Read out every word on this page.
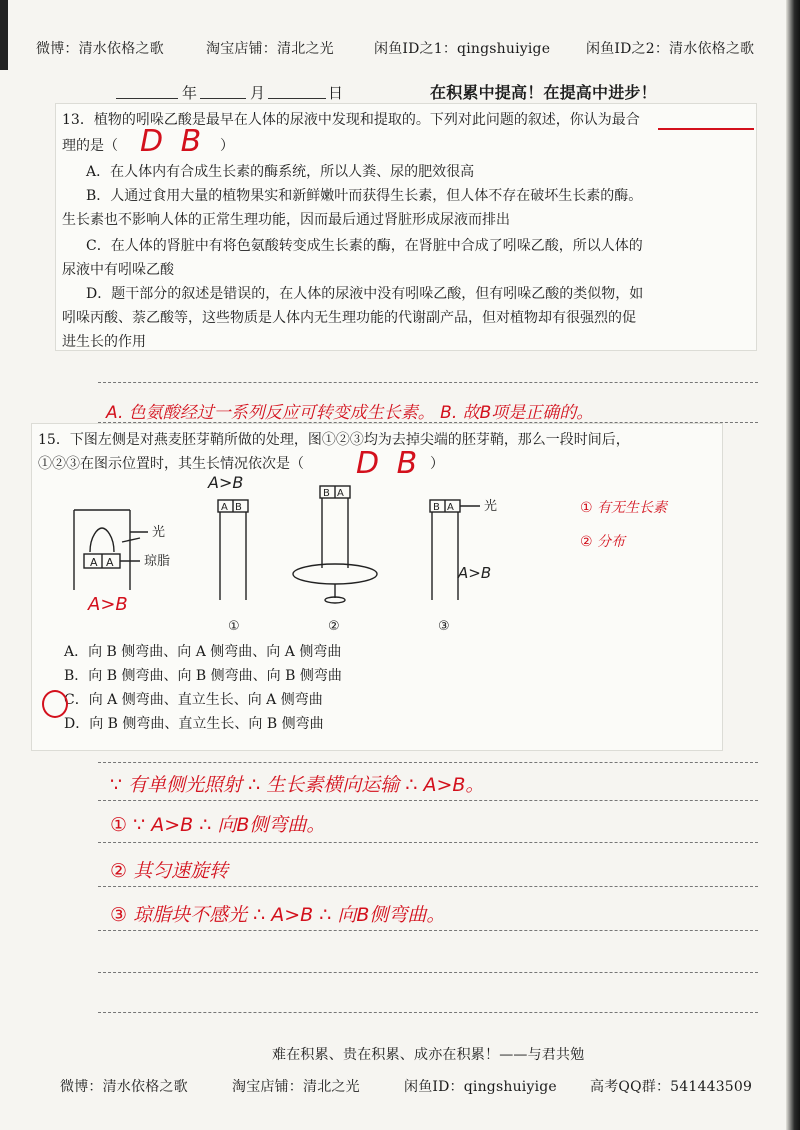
微博：清水依格之歌	淘宝店铺：清北之光	闲鱼ID之1：qingshuiyige	闲鱼ID之2：清水依格之歌
年	月	日	在积累中提高！在提高中进步！
13．植物的吲哚乙酸是最早在人体的尿液中发现和提取的。下列对此问题的叙述，你认为最合
理的是（ D B ）
A．在人体内有合成生长素的酶系统，所以人粪、尿的肥效很高
B．人通过食用大量的植物果实和新鲜嫩叶而获得生长素，但人体不存在破坏生长素的酶。
生长素也不影响人体的正常生理功能，因而最后通过肾脏形成尿液而排出
C．在人体的肾脏中有将色氨酸转变成生长素的酶，在肾脏中合成了吲哚乙酸，所以人体的
尿液中有吲哚乙酸
D．题干部分的叙述是错误的，在人体的尿液中没有吲哚乙酸，但有吲哚乙酸的类似物，如
吲哚丙酸、萘乙酸等，这些物质是人体内无生理功能的代谢副产品，但对植物却有很强烈的促
进生长的作用
A. 色氨酸经过一系列反应可转变成生长素。 B. 故B项是正确的。
15．下图左侧是对燕麦胚芽鞘所做的处理，图①②③均为去掉尖端的胚芽鞘，那么一段时间后，
①②③在图示位置时，其生长情况依次是（ D B ）
A
A
光
琼脂
A>B
A B
①
A>B
B A
②
B A 光
③
A>B
① 有无生长素
② 分布
A．向 B 侧弯曲、向 A 侧弯曲、向 A 侧弯曲
B．向 B 侧弯曲、向 B 侧弯曲、向 B 侧弯曲
C．向 A 侧弯曲、直立生长、向 A 侧弯曲
D．向 B 侧弯曲、直立生长、向 B 侧弯曲
∵ 有单侧光照射 ∴ 生长素横向运输 ∴ A>B。
① ∵ A>B ∴ 向B侧弯曲。
② 其匀速旋转
③ 琼脂块不感光 ∴ A>B ∴ 向B侧弯曲。
难在积累、贵在积累、成亦在积累！——与君共勉
微博：清水依格之歌	淘宝店铺：清北之光	闲鱼ID：qingshuiyige 高考QQ群：541443509
